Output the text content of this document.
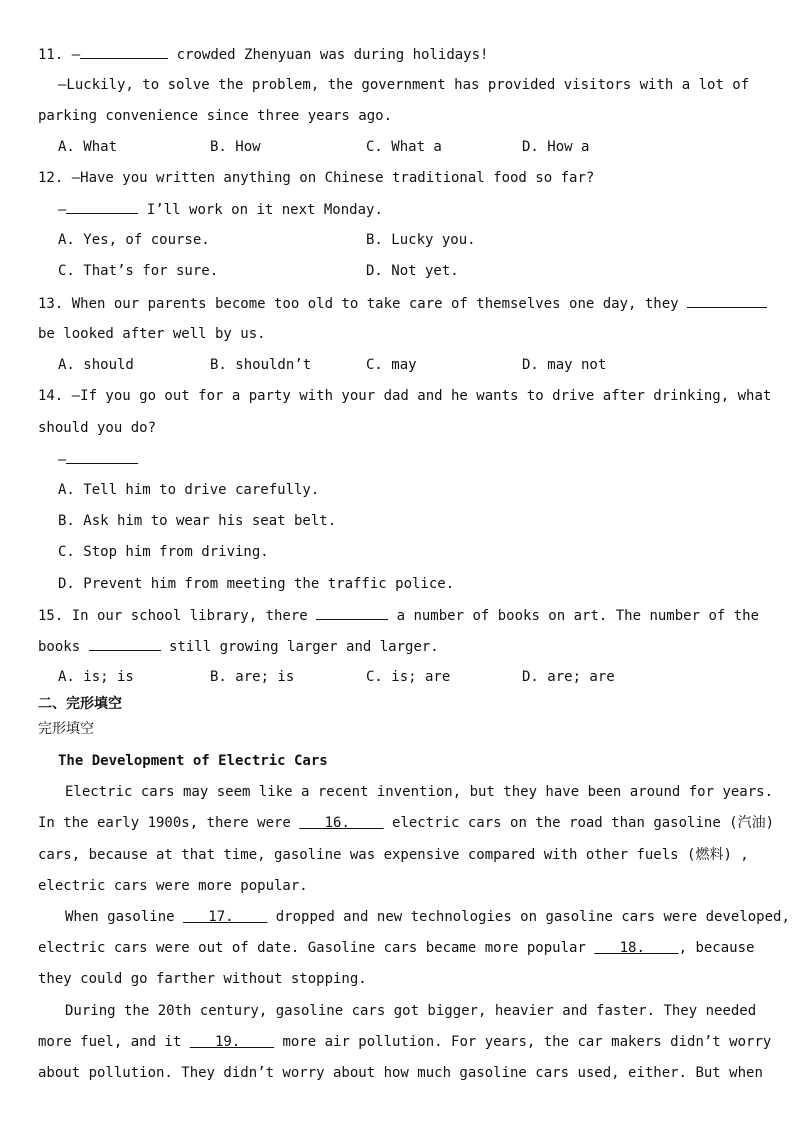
11. —	crowded Zhenyuan was during holidays!
—Luckily, to solve the problem, the government has provided visitors with a lot of
parking convenience since three years ago.
A. What	B. How	C. What a	D. How a
12. —Have you written anything on Chinese traditional food so far?
—	I’ll work on it next Monday.
A. Yes, of course.	B. Lucky you.
C. That’s for sure.	D. Not yet.
13. When our parents become too old to take care of themselves one day, they
be looked after well by us.
A. should	B. shouldn’t	C. may	D. may not
14. —If you go out for a party with your dad and he wants to drive after drinking, what
should you do?
—
A. Tell him to drive carefully.
B. Ask him to wear his seat belt.
C. Stop him from driving.
D. Prevent him from meeting the traffic police.
15. In our school library, there	a number of books on art. The number of the
books	still growing larger and larger.
A. is; is	B. are; is	C. is; are	D. are; are
二、完形填空
完形填空
The Development of Electric Cars
Electric cars may seem like a recent invention, but they have been around for years.
In the early 1900s, there were    16.     electric cars on the road than gasoline (汽油)
cars, because at that time, gasoline was expensive compared with other fuels (燃料) ,
electric cars were more popular.
When gasoline    17.     dropped and new technologies on gasoline cars were developed,
electric cars were out of date. Gasoline cars became more popular    18.    , because
they could go farther without stopping.
During the 20th century, gasoline cars got bigger, heavier and faster. They needed
more fuel, and it    19.     more air pollution. For years, the car makers didn’t worry
about pollution. They didn’t worry about how much gasoline cars used, either. But when
